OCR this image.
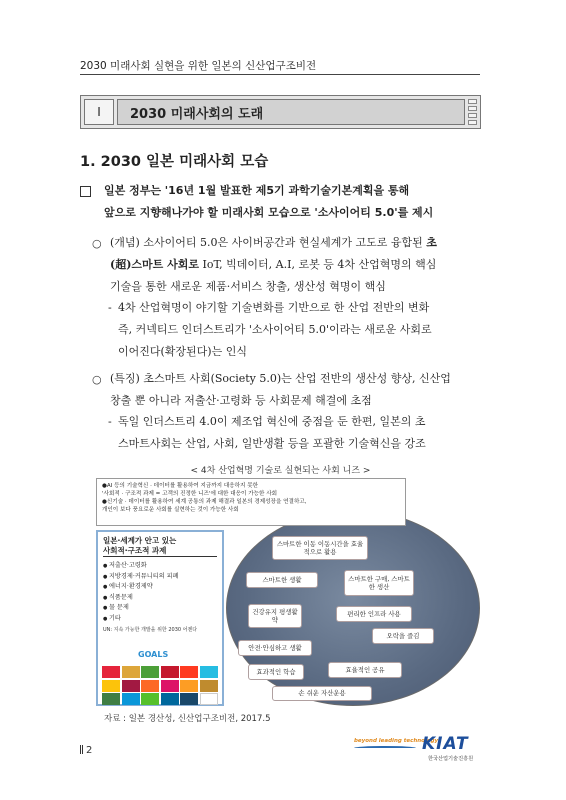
2030 미래사회 실현을 위한 일본의 신산업구조비전
Ⅰ	2030 미래사회의 도래
1. 2030 일본 미래사회 모습
일본 정부는 '16년 1월 발표한 제5기 과학기술기본계획을 통해
앞으로 지향해나가야 할 미래사회 모습으로 '소사이어티 5.0'를 제시
○ (개념) 소사이어티 5.0은 사이버공간과 현실세계가 고도로 융합된 초
(超)스마트 사회로 IoT, 빅데이터, A.I, 로봇 등 4차 산업혁명의 핵심
기술을 통한 새로운 제품·서비스 창출, 생산성 혁명이 핵심
- 4차 산업혁명이 야기할 기술변화를 기반으로 한 산업 전반의 변화
즉, 커넥티드 인더스트리가 '소사이어티 5.0'이라는 새로운 사회로
이어진다(확장된다)는 인식
○ (특징) 초스마트 사회(Society 5.0)는 산업 전반의 생산성 향상, 신산업
창출 뿐 아니라 저출산·고령화 등 사회문제 해결에 초점
- 독일 인더스트리 4.0이 제조업 혁신에 중점을 둔 한편, 일본의 초
스마트사회는 산업, 사회, 일반생활 등을 포괄한 기술혁신을 강조
< 4차 산업혁명 기술로 실현되는 사회 니즈 >
●AI 등의 기술혁신 · 데이터를 활용하여 지금까지 대응하지 못한
'사회적 · 구조적 과제 = 고객의 진정한 니즈'에 대한 대응이 가능한 사회
●신기술 · 데이터를 활용하여 세계 공통의 과제 해결과 일본의 경제성장을 연결하고,
개인이 보다 풍요로운 사회를 실현하는 것이 가능한 사회
일본·세계가 안고 있는
사회적·구조적 과제
● 저출산·고령화
● 지방경제·커뮤니티의 피폐
● 에너지·환경제약
● 식품문제
● 물 문제
● 기타
UN: 지속 가능한 개발을 위한 2030 어젠다
GOALS
스마트한 이동 이동시간을 효율적으로 활용
스마트한 생활	스마트한 구매, 스마트한 생산
건강유지 평생활약
편리한 인프라 사용
오락을 즐김
안전·안심하고 생활
효과적인 학습	효율적인 공유
손 쉬운 자산운용
자료 : 일본 경산성, 신산업구조비전, 2017.5
2
beyond leading technology
KIAT
한국산업기술진흥원
